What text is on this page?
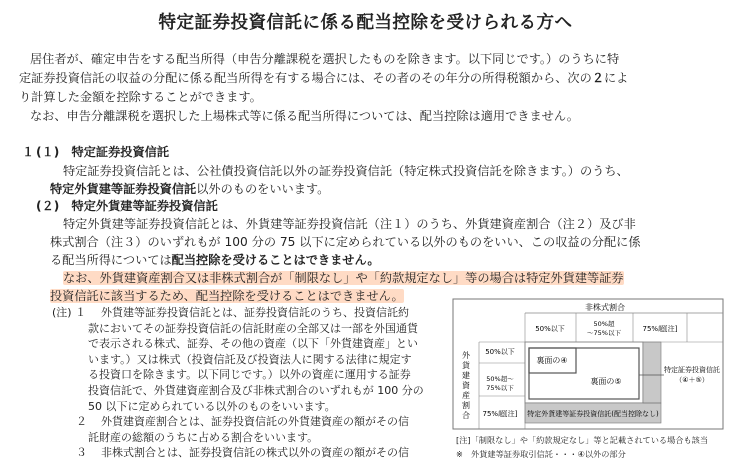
特定証券投資信託に係る配当控除を受けられる方へ
居住者が、確定申告をする配当所得（申告分離課税を選択したものを除きます。以下同じです。）のうちに特
定証券投資信託の収益の分配に係る配当所得を有する場合には、その者のその年分の所得税額から、次の２によ
り計算した金額を控除することができます。
なお、申告分離課税を選択した上場株式等に係る配当所得については、配当控除は適用できません。
１ (１)　特定証券投資信託
特定証券投資信託とは、公社債投資信託以外の証券投資信託（特定株式投資信託を除きます。）のうち、
特定外貨建等証券投資信託以外のものをいいます。
(２)　特定外貨建等証券投資信託
特定外貨建等証券投資信託とは、外貨建等証券投資信託（注１）のうち、外貨建資産割合（注２）及び非
株式割合（注３）のいずれもが 100 分の 75 以下に定められている以外のものをいい、この収益の分配に係
る配当所得については配当控除を受けることはできません。
なお、外貨建資産割合又は非株式割合が「制限なし」や「約款規定なし」等の場合は特定外貨建等証券
投資信託に該当するため、配当控除を受けることはできません。
(注) １ 外貨建等証券投資信託とは、証券投資信託のうち、投資信託約
款においてその証券投資信託の信託財産の全部又は一部を外国通貨
で表示される株式、証券、その他の資産（以下「外貨建資産」とい
います。）又は株式（投資信託及び投資法人に関する法律に規定す
る投資口を除きます。以下同じです。）以外の資産に運用する証券
投資信託で、外貨建資産割合及び非株式割合のいずれもが 100 分の
50 以下に定められている以外のものをいいます。
２ 外貨建資産割合とは、証券投資信託の外貨建資産の額がその信
託財産の総額のうちに占める割合をいいます。
３ 非株式割合とは、証券投資信託の株式以外の資産の額がその信
非株式割合
50%以下
50%超
～75%以下	75%超[注]
外
貨
建
資
産
割
合
50%以下
50%超～
75%以下
75%超[注]
裏面の④
裏面の⑤
特定外貨建等証券投資信託(配当控除なし)
特定証券投資信託
（④＋⑤）
[注]「制限なし」や「約款規定なし」等と記載されている場合も該当
※　外貨建等証券取引信託・・・④以外の部分
